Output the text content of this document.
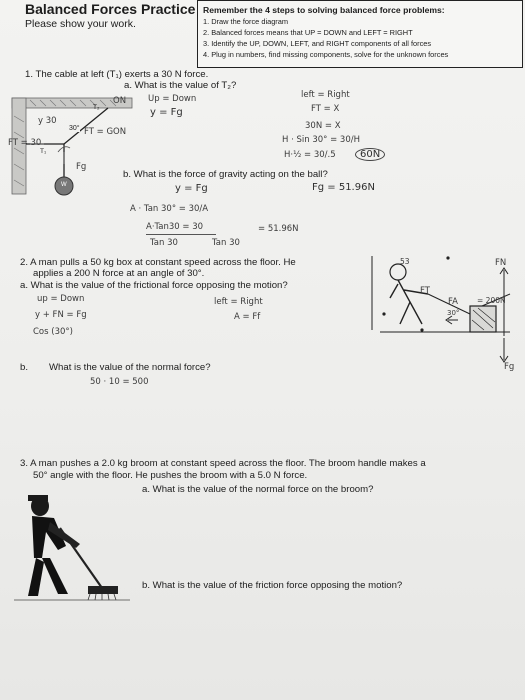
Balanced Forces Practice
Please show your work.
Remember the 4 steps to solving balanced force problems:
1. Draw the force diagram
2. Balanced forces means that UP = DOWN and LEFT = RIGHT
3. Identify the UP, DOWN, LEFT, and RIGHT components of all forces
4. Plug in numbers, find missing components, solve for the unknown forces
1. The cable at left (T₁) exerts a 30 N force.
a. What is the value of T₂?
30°
T₁
T₂
W
ON	Up = Down
y = Fg
y 30
FT = 30
FT = GON
Fg
left = Right
FT = X
30N = X
H · Sin 30° = 30/H
H·½ = 30/.5	60N
b. What is the force of gravity acting on the ball?
y = Fg	Fg = 51.96N
A · Tan 30° = 30/A
A·Tan30 = 30
Tan 30	Tan 30
= 51.96N
2. A man pulls a 50 kg box at constant speed across the floor. He
applies a 200 N force at an angle of 30°.
a. What is the value of the frictional force opposing the motion?
up = Down
y + FN = Fg
Cos (30°)
left = Right
A = Ff
b. What is the value of the normal force?
50 · 10 = 500
FN
FT
FA	= 200N
30°
Fg
53
3. A man pushes a 2.0 kg broom at constant speed across the floor. The broom handle makes a
50° angle with the floor. He pushes the broom with a 5.0 N force.
a. What is the value of the normal force on the broom?
b. What is the value of the friction force opposing the motion?
